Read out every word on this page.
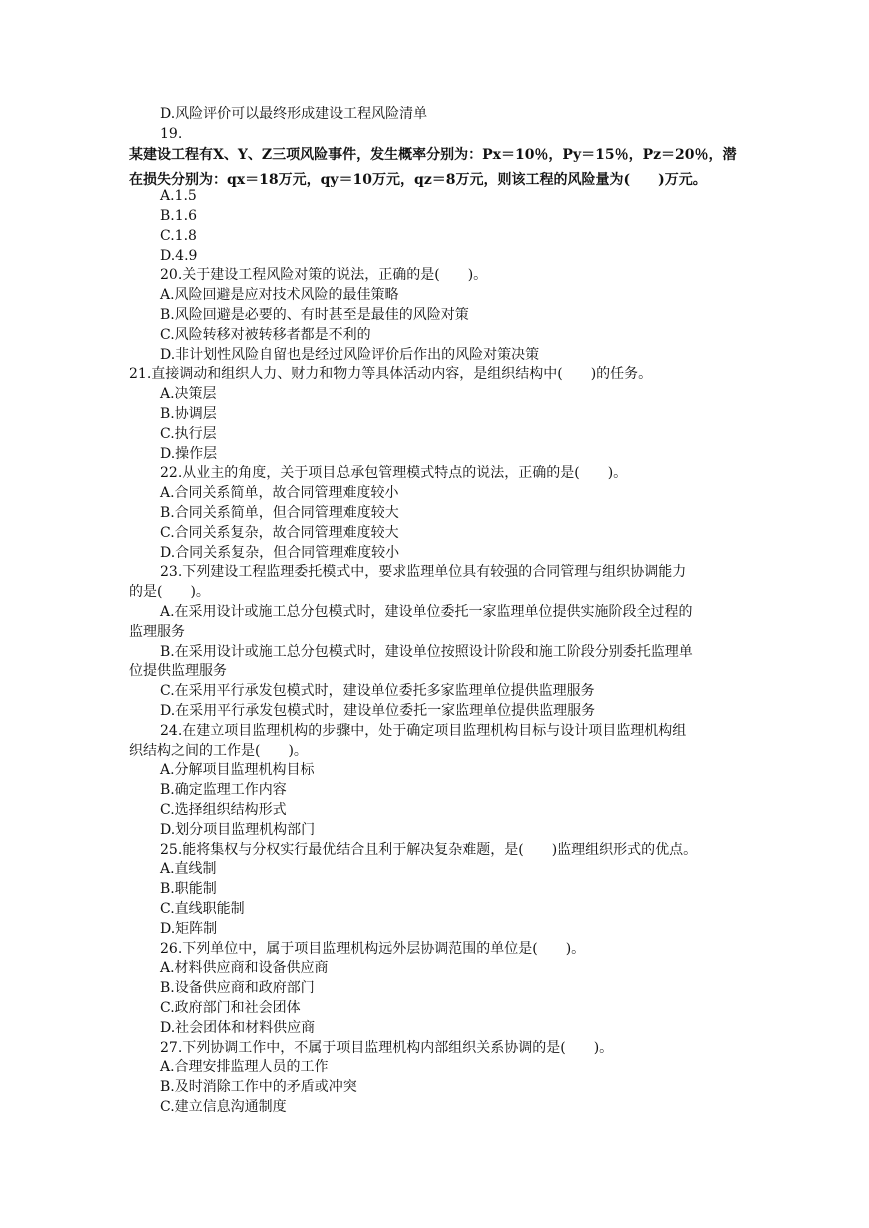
D.风险评价可以最终形成建设工程风险清单
19.
某建设工程有X、Y、Z三项风险事件，发生概率分别为：Px＝10％，Py＝15％，Pz＝20％，潜
在损失分别为：qx＝18万元，qy＝10万元，qz＝8万元，则该工程的风险量为(　　)万元。
A.1.5
B.1.6
C.1.8
D.4.9
20.关于建设工程风险对策的说法，正确的是(　　)。
A.风险回避是应对技术风险的最佳策略
B.风险回避是必要的、有时甚至是最佳的风险对策
C.风险转移对被转移者都是不利的
D.非计划性风险自留也是经过风险评价后作出的风险对策决策
21.直接调动和组织人力、财力和物力等具体活动内容，是组织结构中(　　)的任务。
A.决策层
B.协调层
C.执行层
D.操作层
22.从业主的角度，关于项目总承包管理模式特点的说法，正确的是(　　)。
A.合同关系简单，故合同管理难度较小
B.合同关系简单，但合同管理难度较大
C.合同关系复杂，故合同管理难度较大
D.合同关系复杂，但合同管理难度较小
23.下列建设工程监理委托模式中，要求监理单位具有较强的合同管理与组织协调能力
的是(　　)。
A.在采用设计或施工总分包模式时，建设单位委托一家监理单位提供实施阶段全过程的
监理服务
B.在采用设计或施工总分包模式时，建设单位按照设计阶段和施工阶段分别委托监理单
位提供监理服务
C.在采用平行承发包模式时，建设单位委托多家监理单位提供监理服务
D.在采用平行承发包模式时，建设单位委托一家监理单位提供监理服务
24.在建立项目监理机构的步骤中，处于确定项目监理机构目标与设计项目监理机构组
织结构之间的工作是(　　)。
A.分解项目监理机构目标
B.确定监理工作内容
C.选择组织结构形式
D.划分项目监理机构部门
25.能将集权与分权实行最优结合且利于解决复杂难题，是(　　)监理组织形式的优点。
A.直线制
B.职能制
C.直线职能制
D.矩阵制
26.下列单位中，属于项目监理机构远外层协调范围的单位是(　　)。
A.材料供应商和设备供应商
B.设备供应商和政府部门
C.政府部门和社会团体
D.社会团体和材料供应商
27.下列协调工作中，不属于项目监理机构内部组织关系协调的是(　　)。
A.合理安排监理人员的工作
B.及时消除工作中的矛盾或冲突
C.建立信息沟通制度
